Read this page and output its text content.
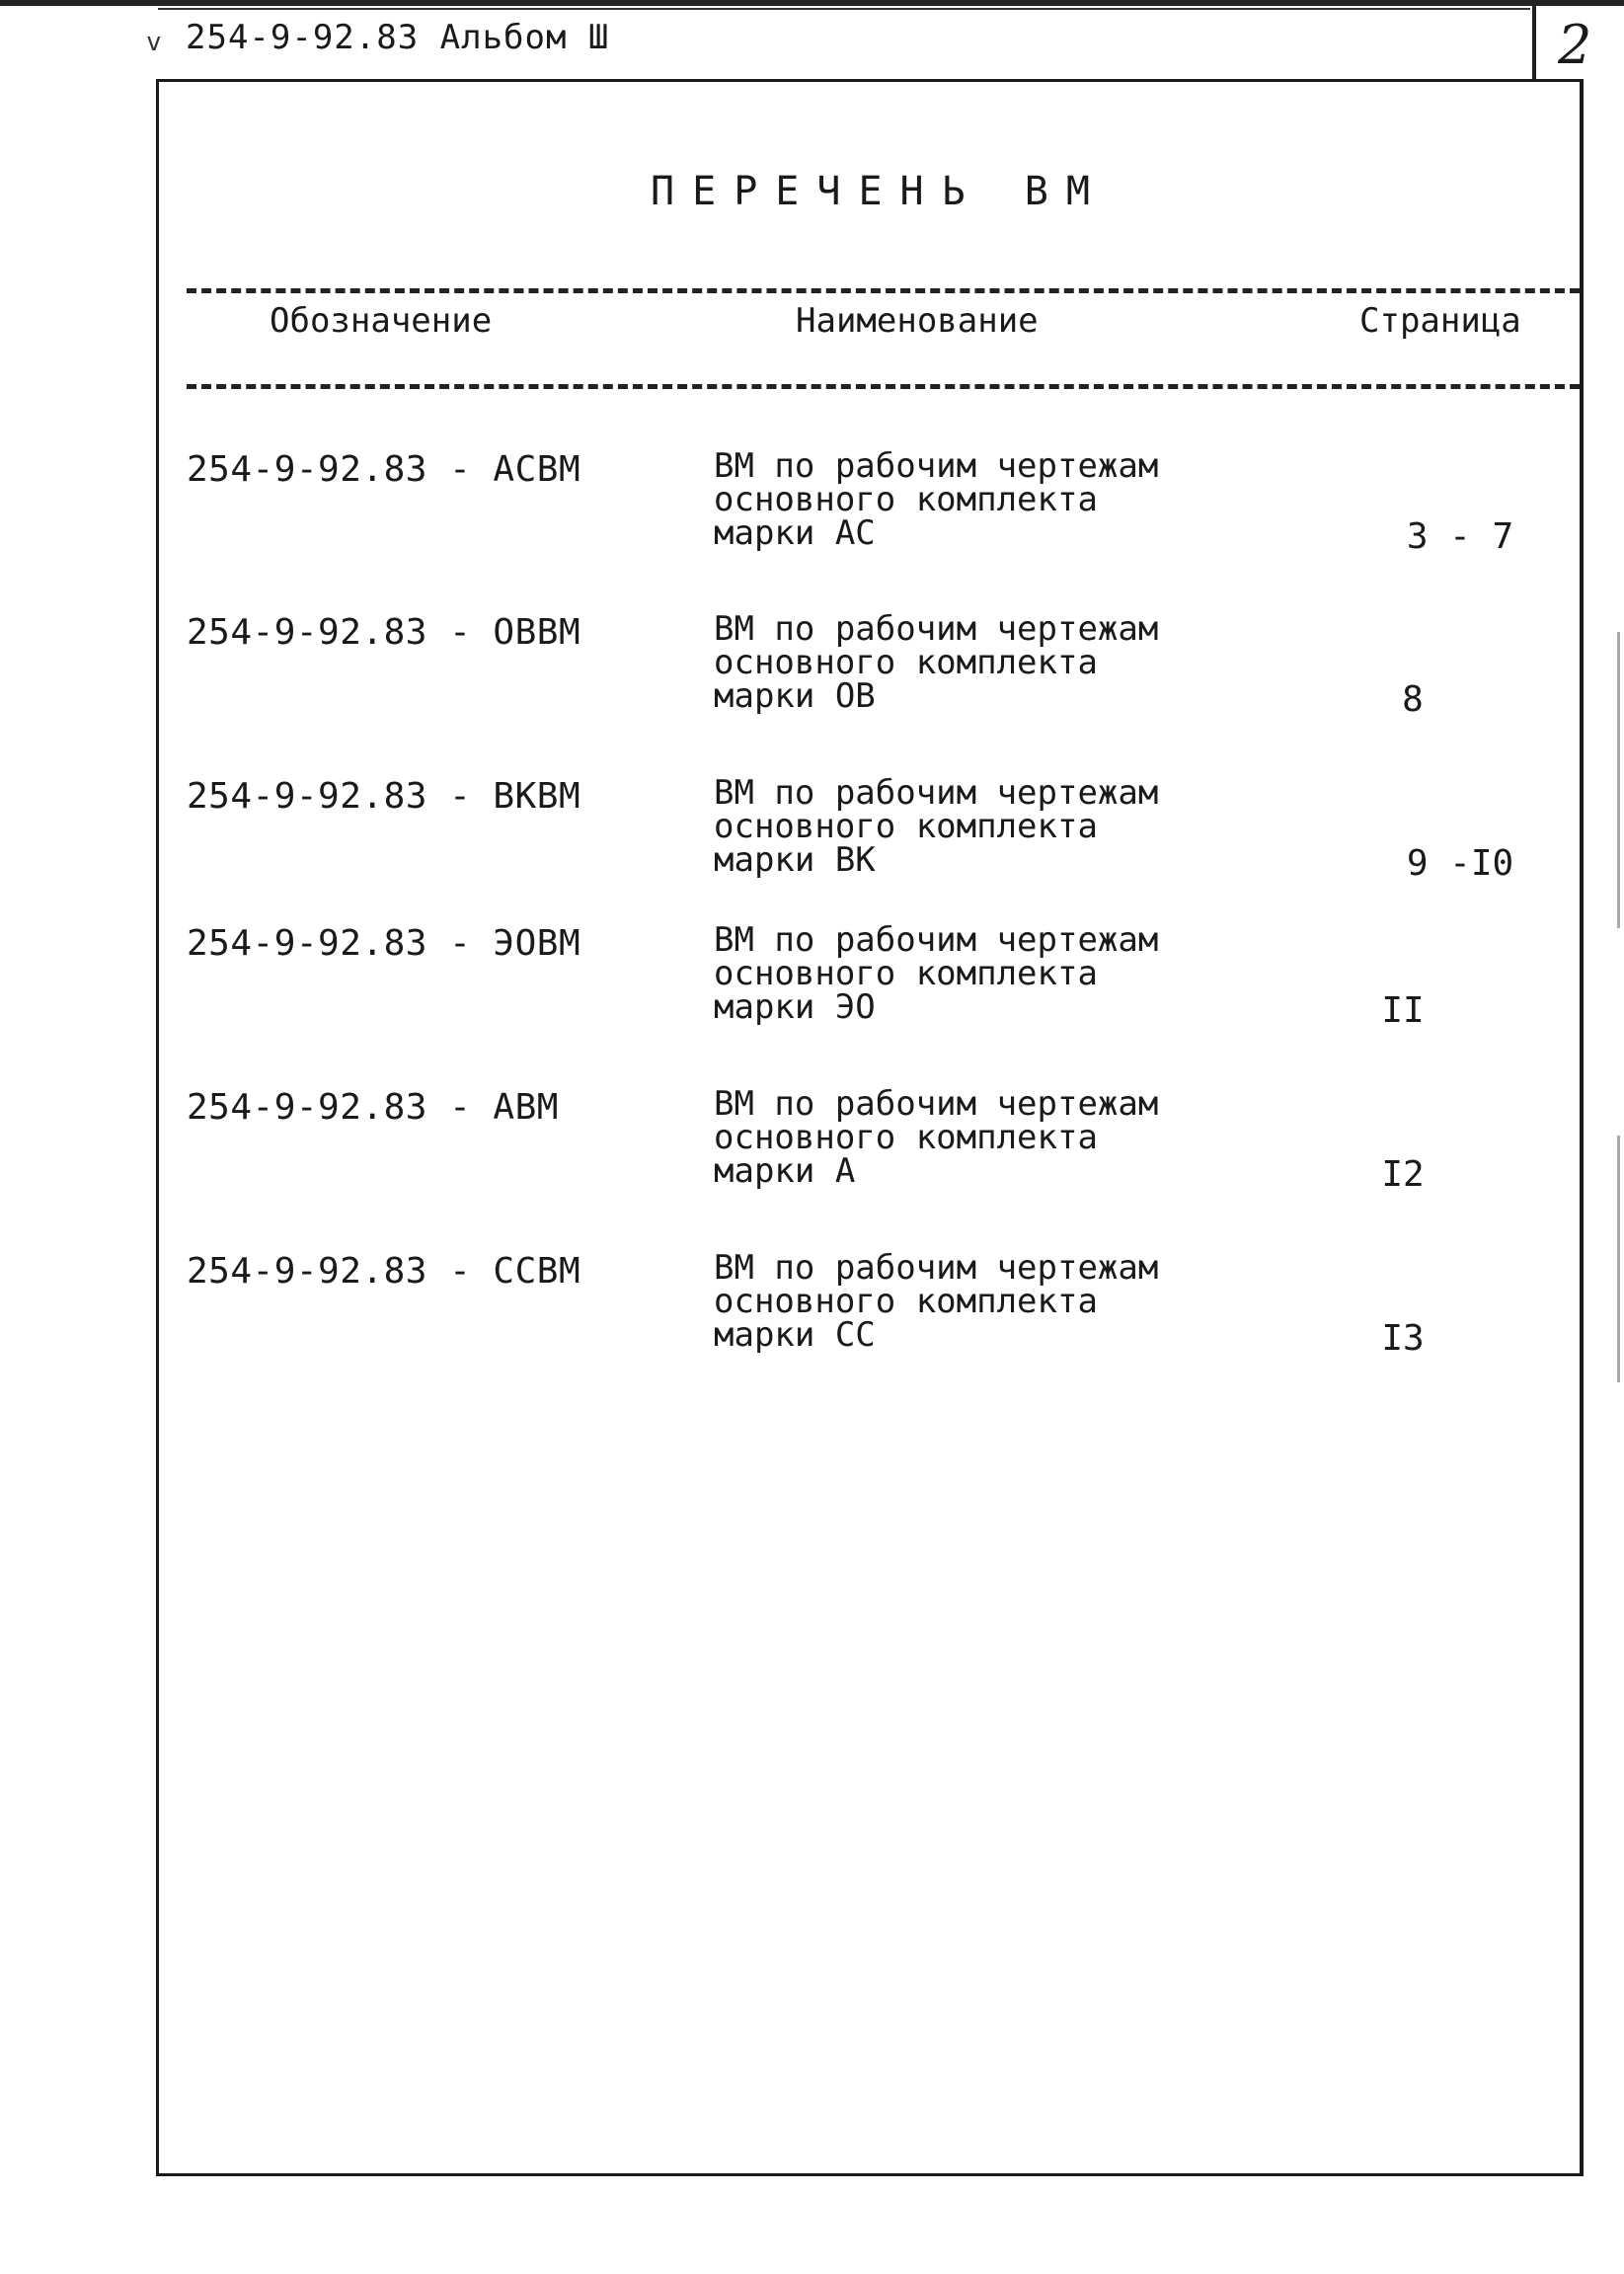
v 254-9-92.83 Альбом Ш	2
ПЕРЕЧЕНЬ ВМ
Обозначение	Наименование	Страница
254-9-92.83 - АСВМ	ВМ по рабочим чертежам
основного комплекта
марки АС	3 - 7
254-9-92.83 - ОВВМ	ВМ по рабочим чертежам
основного комплекта
марки ОВ	8
254-9-92.83 - ВКВМ	ВМ по рабочим чертежам
основного комплекта
марки ВК	9 -I0
254-9-92.83 - ЭОВМ	ВМ по рабочим чертежам
основного комплекта
марки ЭО	II
254-9-92.83 - АВМ	ВМ по рабочим чертежам
основного комплекта
марки А	I2
254-9-92.83 - ССВМ	ВМ по рабочим чертежам
основного комплекта
марки СС	I3
